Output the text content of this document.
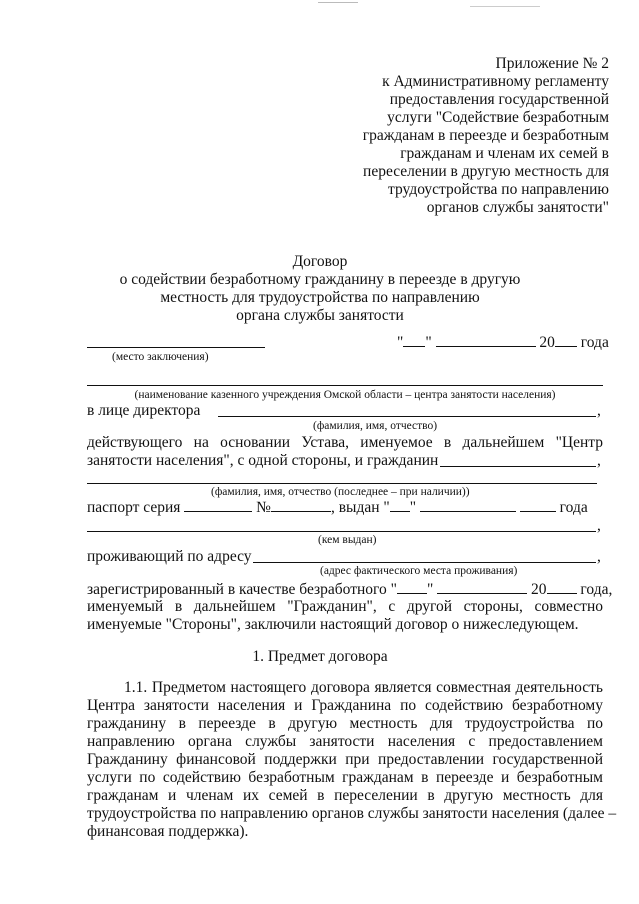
Приложение № 2
к Административному регламенту
предоставления государственной
услуги "Содействие безработным
гражданам в переезде и безработным
гражданам и членам их семей в
переселении в другую местность для
трудоустройства по направлению
органов службы занятости"
Договор
о содействии безработному гражданину в переезде в другую
местность для трудоустройства по направлению
органа службы занятости
" "	20 года
(место заключения)
(наименование казенного учреждения Омской области – центра занятости населения)
в лице директора	,
(фамилия, имя, отчество)
действующего на основании Устава, именуемое в дальнейшем "Центр
занятости населения", с одной стороны, и гражданин	,
(фамилия, имя, отчество (последнее – при наличии))
паспорт серия	№	, выдан " "	года
,
(кем выдан)
проживающий по адресу	,
(адрес фактического места проживания)
зарегистрированный в качестве безработного " "	20 года,
именуемый в дальнейшем "Гражданин", с другой стороны, совместно
именуемые "Стороны", заключили настоящий договор о нижеследующем.
1. Предмет договора
1.1. Предметом настоящего договора является совместная деятельность
Центра занятости населения и Гражданина по содействию безработному
гражданину в переезде в другую местность для трудоустройства по
направлению органа службы занятости населения с предоставлением
Гражданину финансовой поддержки при предоставлении государственной
услуги по содействию безработным гражданам в переезде и безработным
гражданам и членам их семей в переселении в другую местность для
трудоустройства по направлению органов службы занятости населения (далее –
финансовая поддержка).
